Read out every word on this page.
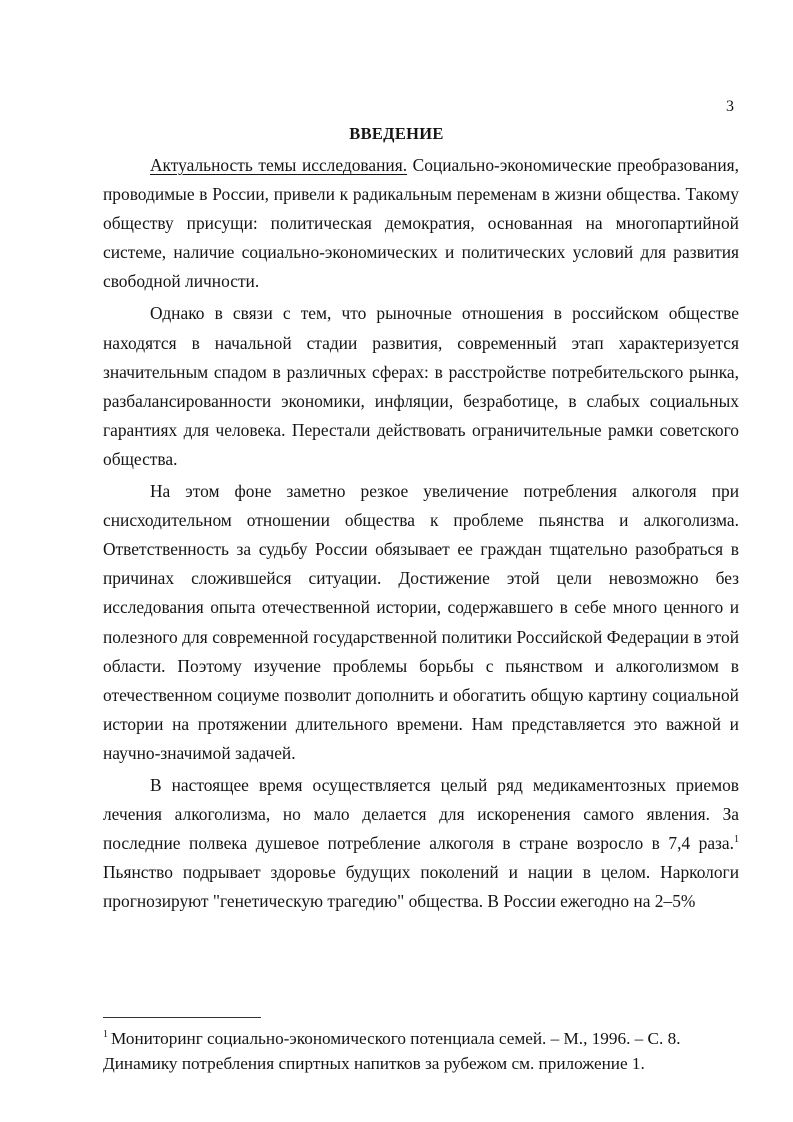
3
ВВЕДЕНИЕ

Актуальность темы исследования. Социально-экономические преобразования, проводимые в России, привели к радикальным переменам в жизни общества. Такому обществу присущи: политическая демократия, основанная на многопартийной системе, наличие социально-экономических и политических условий для развития свободной личности.

Однако в связи с тем, что рыночные отношения в российском обществе находятся в начальной стадии развития, современный этап характеризуется значительным спадом в различных сферах: в расстройстве потребительского рынка, разбалансированности экономики, инфляции, безработице, в слабых социальных гарантиях для человека. Перестали действовать ограничительные рамки советского общества.

На этом фоне заметно резкое увеличение потребления алкоголя при снисходительном отношении общества к проблеме пьянства и алкоголизма. Ответственность за судьбу России обязывает ее граждан тщательно разобраться в причинах сложившейся ситуации. Достижение этой цели невозможно без исследования опыта отечественной истории, содержавшего в себе много ценного и полезного для современной государственной политики Российской Федерации в этой области. Поэтому изучение проблемы борьбы с пьянством и алкоголизмом в отечественном социуме позволит дополнить и обогатить общую картину социальной истории на протяжении длительного времени. Нам представляется это важной и научно-значимой задачей.

В настоящее время осуществляется целый ряд медикаментозных приемов лечения алкоголизма, но мало делается для искоренения самого явления. За последние полвека душевое потребление алкоголя в стране возросло в 7,4 раза.$^1$ Пьянство подрывает здоровье будущих поколений и нации в целом. Наркологи прогнозируют "генетическую трагедию" общества. В России ежегодно на 2–5%

$^1$ Мониторинг социально-экономического потенциала семей. – М., 1996. – С. 8. Динамику потребления спиртных напитков за рубежом см. приложение 1.
